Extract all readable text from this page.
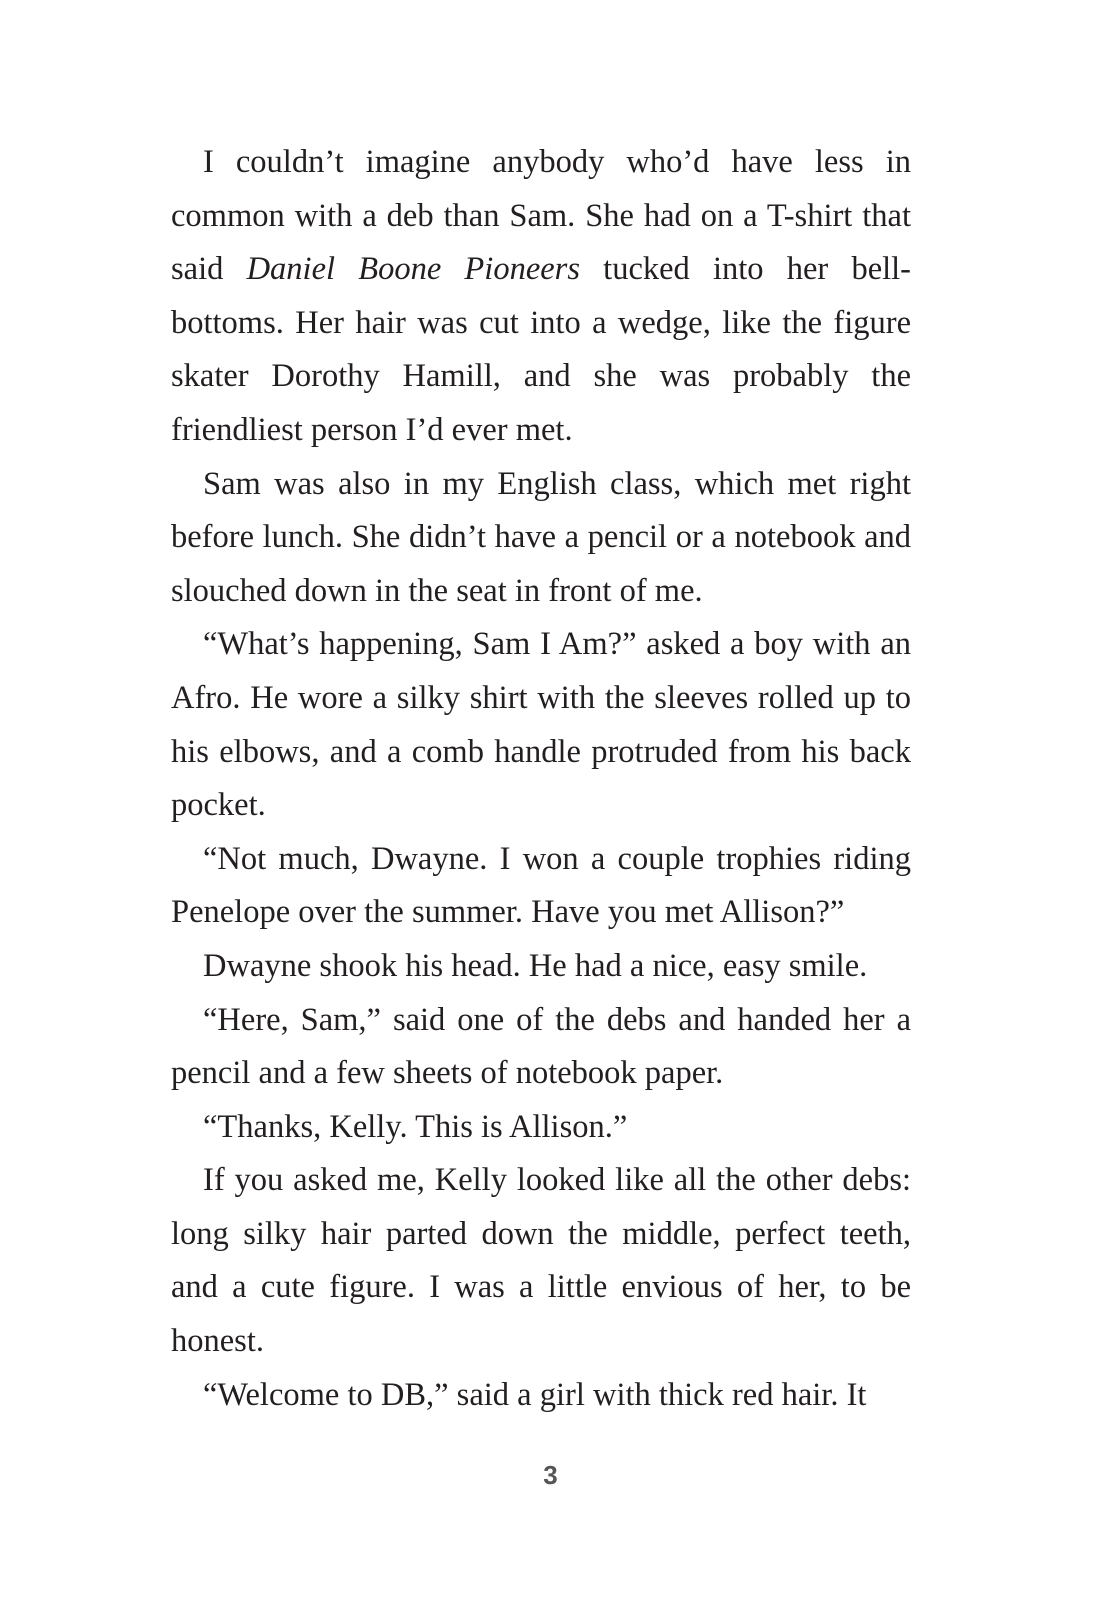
I couldn’t imagine anybody who’d have less in common with a deb than Sam. She had on a T-shirt that said Daniel Boone Pioneers tucked into her bell-bottoms. Her hair was cut into a wedge, like the figure skater Dorothy Hamill, and she was probably the friendliest person I’d ever met.

Sam was also in my English class, which met right before lunch. She didn’t have a pencil or a notebook and slouched down in the seat in front of me.

“What’s happening, Sam I Am?” asked a boy with an Afro. He wore a silky shirt with the sleeves rolled up to his elbows, and a comb handle protruded from his back pocket.

“Not much, Dwayne. I won a couple trophies riding Penelope over the summer. Have you met Allison?”

Dwayne shook his head. He had a nice, easy smile.

“Here, Sam,” said one of the debs and handed her a pencil and a few sheets of notebook paper.

“Thanks, Kelly. This is Allison.”

If you asked me, Kelly looked like all the other debs: long silky hair parted down the middle, perfect teeth, and a cute figure. I was a little envious of her, to be honest.

“Welcome to DB,” said a girl with thick red hair. It

3
